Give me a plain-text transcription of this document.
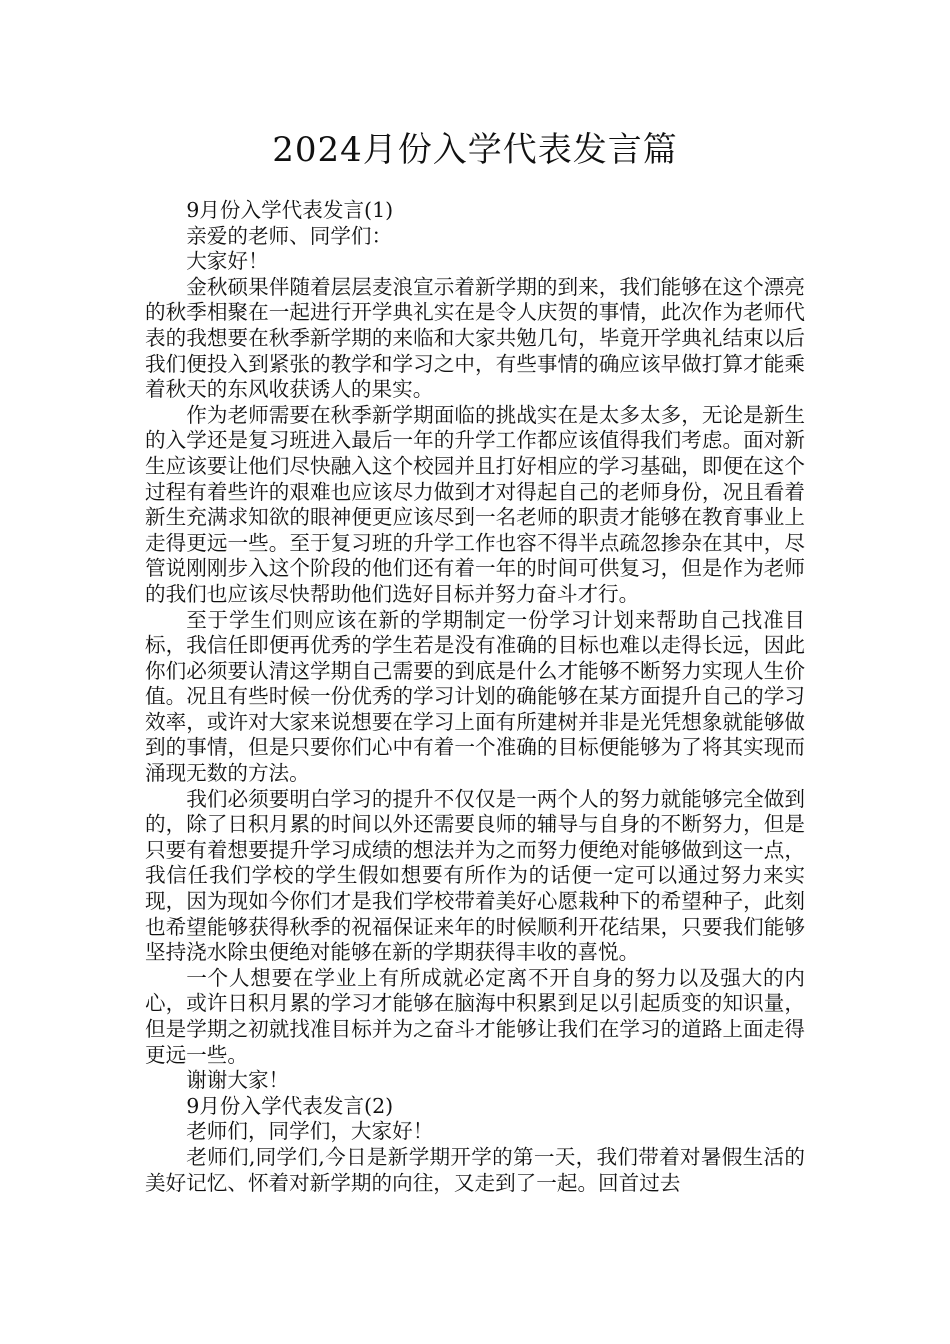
2024月份入学代表发言篇

9月份入学代表发言(1)

亲爱的老师、同学们：

大家好！

金秋硕果伴随着层层麦浪宣示着新学期的到来，我们能够在这个漂亮的秋季相聚在一起进行开学典礼实在是令人庆贺的事情，此次作为老师代表的我想要在秋季新学期的来临和大家共勉几句，毕竟开学典礼结束以后我们便投入到紧张的教学和学习之中，有些事情的确应该早做打算才能乘着秋天的东风收获诱人的果实。

作为老师需要在秋季新学期面临的挑战实在是太多太多，无论是新生的入学还是复习班进入最后一年的升学工作都应该值得我们考虑。面对新生应该要让他们尽快融入这个校园并且打好相应的学习基础，即便在这个过程有着些许的艰难也应该尽力做到才对得起自己的老师身份，况且看着新生充满求知欲的眼神便更应该尽到一名老师的职责才能够在教育事业上走得更远一些。至于复习班的升学工作也容不得半点疏忽掺杂在其中，尽管说刚刚步入这个阶段的他们还有着一年的时间可供复习，但是作为老师的我们也应该尽快帮助他们选好目标并努力奋斗才行。

至于学生们则应该在新的学期制定一份学习计划来帮助自己找准目标，我信任即便再优秀的学生若是没有准确的目标也难以走得长远，因此你们必须要认清这学期自己需要的到底是什么才能够不断努力实现人生价值。况且有些时候一份优秀的学习计划的确能够在某方面提升自己的学习效率，或许对大家来说想要在学习上面有所建树并非是光凭想象就能够做到的事情，但是只要你们心中有着一个准确的目标便能够为了将其实现而涌现无数的方法。

我们必须要明白学习的提升不仅仅是一两个人的努力就能够完全做到的，除了日积月累的时间以外还需要良师的辅导与自身的不断努力，但是只要有着想要提升学习成绩的想法并为之而努力便绝对能够做到这一点，我信任我们学校的学生假如想要有所作为的话便一定可以通过努力来实现，因为现如今你们才是我们学校带着美好心愿栽种下的希望种子，此刻也希望能够获得秋季的祝福保证来年的时候顺利开花结果，只要我们能够坚持浇水除虫便绝对能够在新的学期获得丰收的喜悦。

一个人想要在学业上有所成就必定离不开自身的努力以及强大的内心，或许日积月累的学习才能够在脑海中积累到足以引起质变的知识量，但是学期之初就找准目标并为之奋斗才能够让我们在学习的道路上面走得更远一些。

谢谢大家！

9月份入学代表发言(2)

老师们，同学们，大家好！

老师们,同学们,今日是新学期开学的第一天，我们带着对暑假生活的美好记忆、怀着对新学期的向往，又走到了一起。回首过去
